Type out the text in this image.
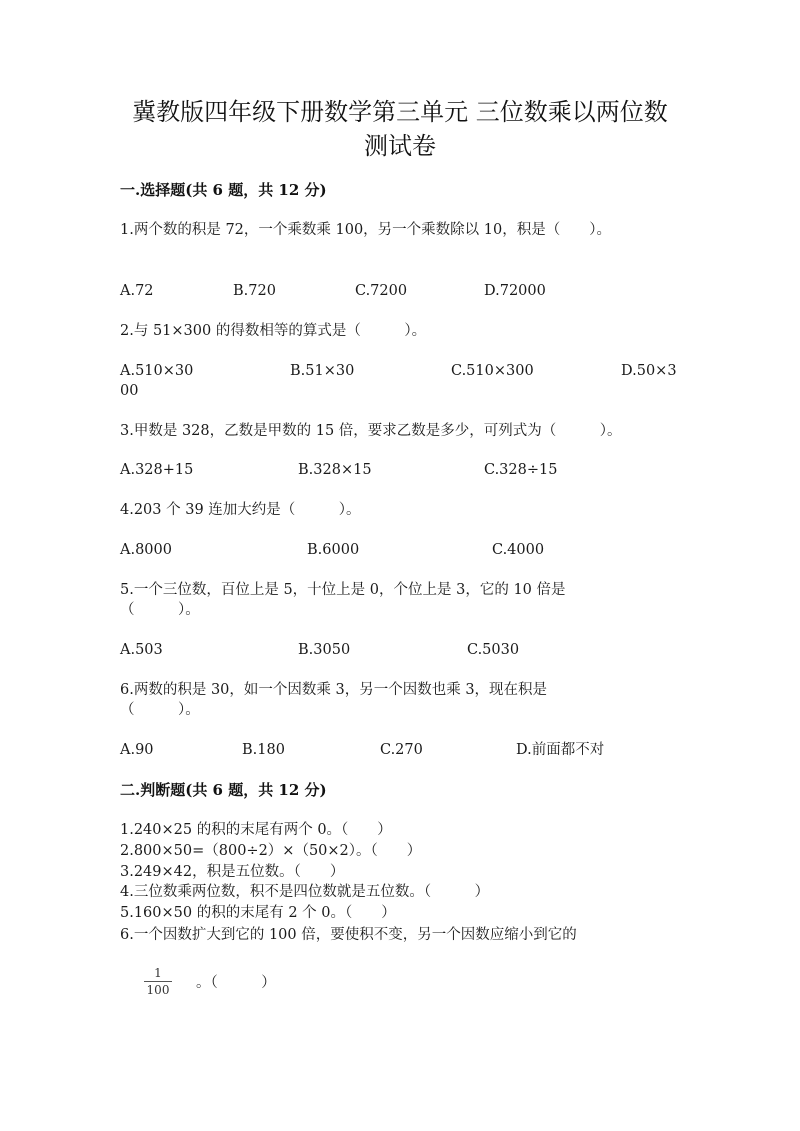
冀教版四年级下册数学第三单元 三位数乘以两位数
测试卷
一.选择题(共 6 题，共 12 分)
1.两个数的积是 72，一个乘数乘 100，另一个乘数除以 10，积是（　　）。
A.72	B.720	C.7200	D.72000
2.与 51×300 的得数相等的算式是（　　　）。
A.510×30	B.51×30	C.510×300	D.50×3
00
3.甲数是 328，乙数是甲数的 15 倍，要求乙数是多少，可列式为（　　　）。
A.328+15	B.328×15	C.328÷15
4.203 个 39 连加大约是（　　　）。
A.8000	B.6000	C.4000
5.一个三位数，百位上是 5，十位上是 0，个位上是 3，它的 10 倍是
（　　　）。
A.503	B.3050	C.5030
6.两数的积是 30，如一个因数乘 3，另一个因数也乘 3，现在积是
（　　　）。
A.90	B.180	C.270	D.前面都不对
二.判断题(共 6 题，共 12 分)
1.240×25 的积的末尾有两个 0。（　　）
2.800×50=（800÷2）×（50×2）。（　　）
3.249×42，积是五位数。（　　）
4.三位数乘两位数，积不是四位数就是五位数。（　　　）
5.160×50 的积的末尾有 2 个 0。（　　）
6.一个因数扩大到它的 100 倍，要使积不变，另一个因数应缩小到它的
1
100 。（　　　）
